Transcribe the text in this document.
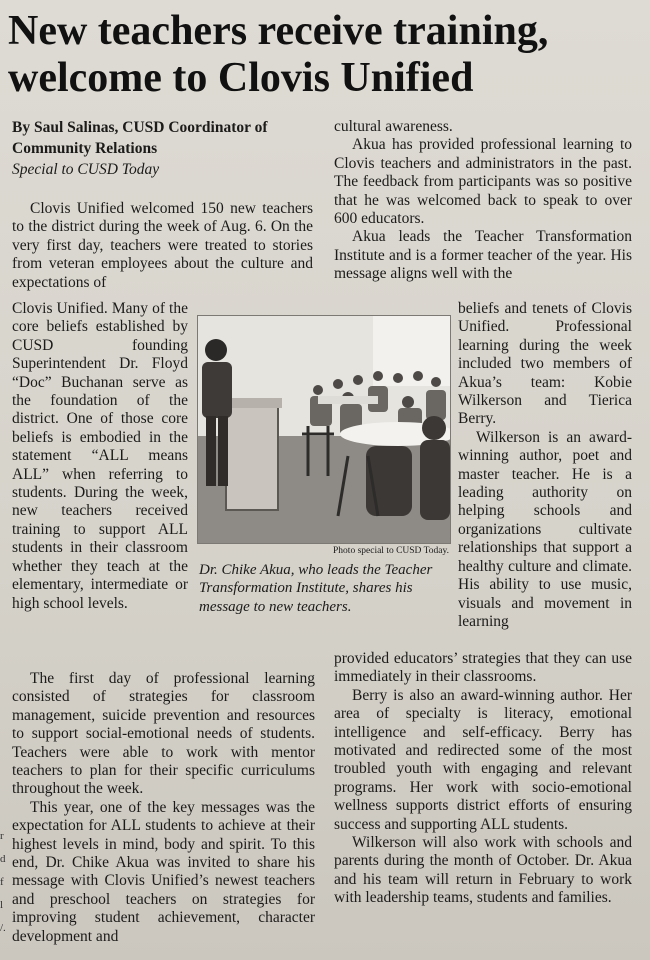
New teachers receive training, welcome to Clovis Unified
By Saul Salinas, CUSD Coordinator of Community Relations
Special to CUSD Today

Clovis Unified welcomed 150 new teachers to the district during the week of Aug. 6. On the very first day, teachers were treated to stories from veteran employees about the culture and expectations of

Clovis Unified. Many of the core beliefs established by CUSD founding Superintendent Dr. Floyd “Doc” Buchanan serve as the foundation of the district. One of those core beliefs is embodied in the statement “ALL means ALL” when referring to students. During the week, new teachers received training to support ALL students in their classroom whether they teach at the elementary, intermediate or high school levels.

The first day of professional learning consisted of strategies for classroom management, suicide prevention and resources to support social-emotional needs of students. Teachers were able to work with mentor teachers to plan for their specific curriculums throughout the week.

This year, one of the key messages was the expectation for ALL students to achieve at their highest levels in mind, body and spirit. To this end, Dr. Chike Akua was invited to share his message with Clovis Unified’s newest teachers and preschool teachers on strategies for improving student achievement, character development and

cultural awareness.

Akua has provided professional learning to Clovis teachers and administrators in the past. The feedback from participants was so positive that he was welcomed back to speak to over 600 educators.

Akua leads the Teacher Transformation Institute and is a former teacher of the year. His message aligns well with the

beliefs and tenets of Clovis Unified. Professional learning during the week included two members of Akua’s team: Kobie Wilkerson and Tierica Berry.

Wilkerson is an award-winning author, poet and master teacher. He is a leading authority on helping schools and organizations cultivate relationships that support a healthy culture and climate. His ability to use music, visuals and movement in learning

provided educators’ strategies that they can use immediately in their classrooms.

Berry is also an award-winning author. Her area of specialty is literacy, emotional intelligence and self-efficacy. Berry has motivated and redirected some of the most troubled youth with engaging and relevant programs. Her work with socio-emotional wellness supports district efforts of ensuring success and supporting ALL students.

Wilkerson will also work with schools and parents during the month of October. Dr. Akua and his team will return in February to work with leadership teams, students and families.

Photo special to CUSD Today.
Dr. Chike Akua, who leads the Teacher Transformation Institute, shares his message to new teachers.
r
d
f
l
/.
